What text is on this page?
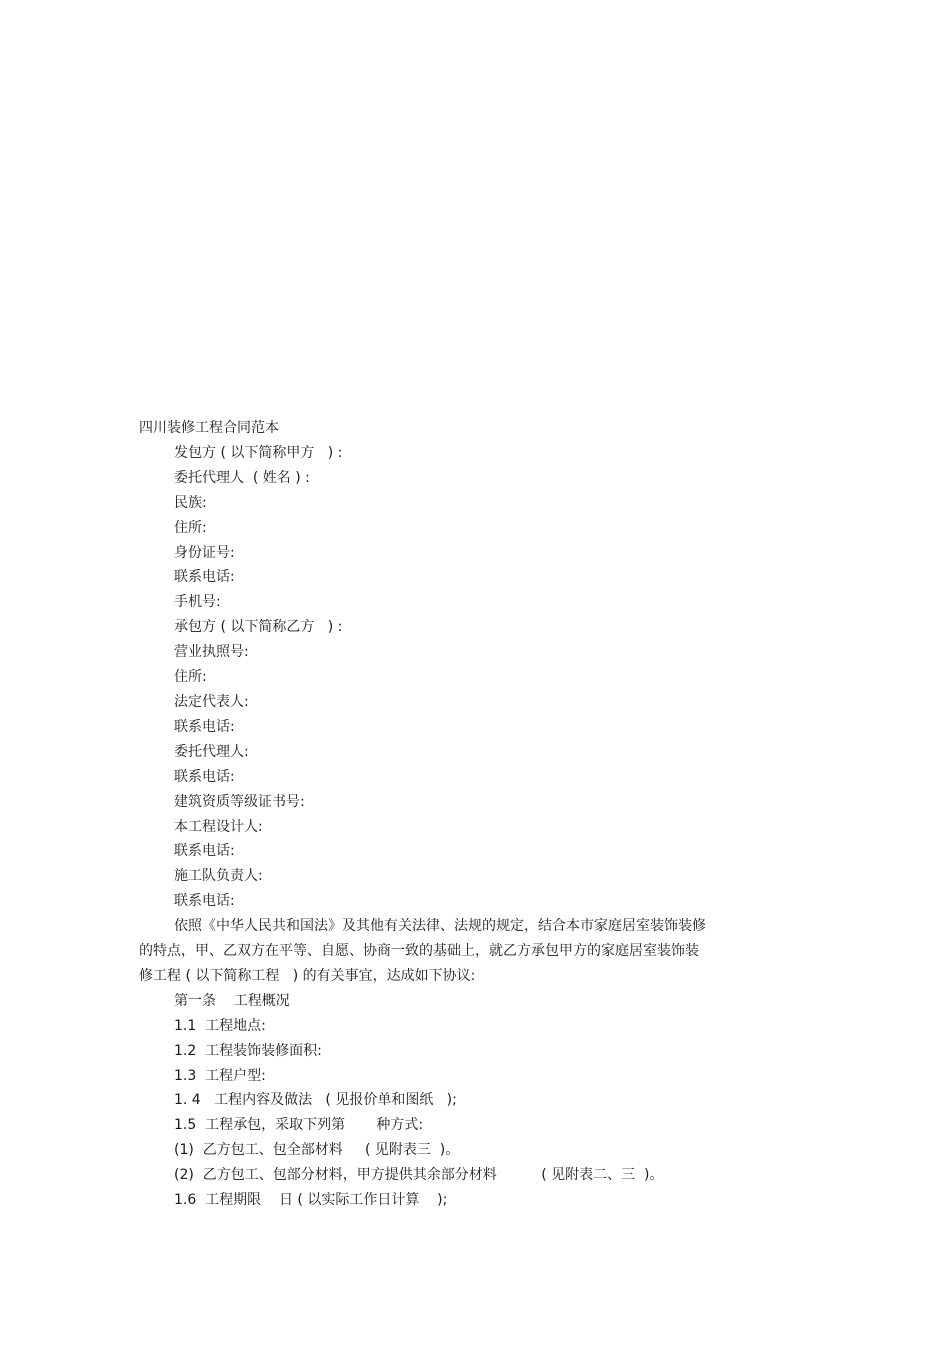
四川装修工程合同范本
发包方 ( 以下简称甲方   ) :
委托代理人  ( 姓名 ) :
民族:
住所:
身份证号:
联系电话:
手机号:
承包方 ( 以下简称乙方   ) :
营业执照号:
住所:
法定代表人:
联系电话:
委托代理人:
联系电话:
建筑资质等级证书号:
本工程设计人:
联系电话:
施工队负责人:
联系电话:
依照《中华人民共和国法》及其他有关法律、法规的规定，结合本市家庭居室装饰装修
的特点，甲、乙双方在平等、自愿、协商一致的基础上，就乙方承包甲方的家庭居室装饰装
修工程 ( 以下简称工程   ) 的有关事宜，达成如下协议:
第一条    工程概况
1.1  工程地点:
1.2  工程装饰装修面积:
1.3  工程户型:
1. 4   工程内容及做法   ( 见报价单和图纸   );
1.5  工程承包，采取下列第       种方式:
(1)  乙方包工、包全部材料     ( 见附表三  )。
(2)  乙方包工、包部分材料，甲方提供其余部分材料          ( 见附表二、三  )。
1.6  工程期限    日 ( 以实际工作日计算    );
